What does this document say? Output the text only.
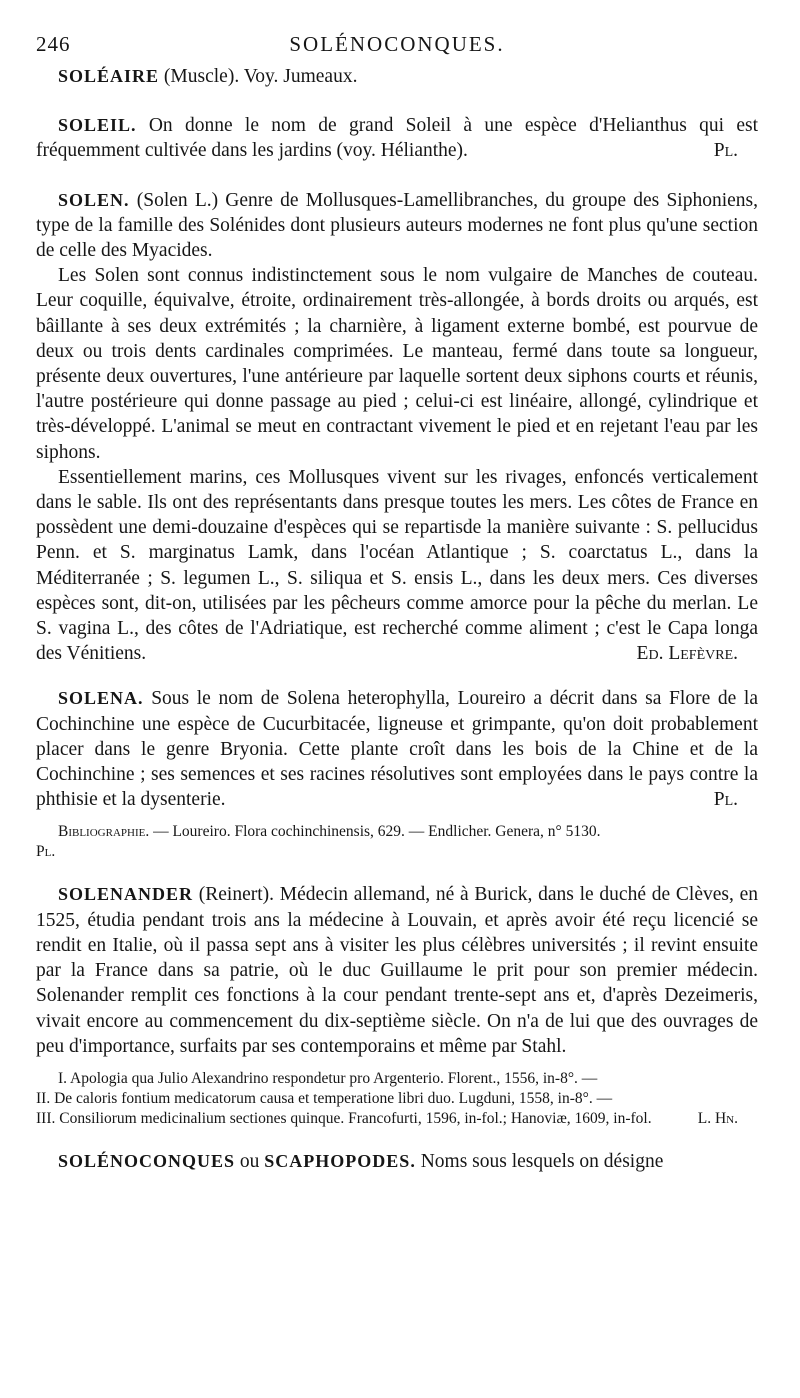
246	SOLÉNOCONQUES.

SOLÉAIRE (Muscle). Voy. Jumeaux.

SOLEIL. On donne le nom de grand Soleil à une espèce d'Helianthus qui est fréquemment cultivée dans les jardins (voy. Hélianthe).	Pl.

SOLEN. (Solen L.) Genre de Mollusques-Lamellibranches, du groupe des Siphoniens, type de la famille des Solénides dont plusieurs auteurs modernes ne font plus qu'une section de celle des Myacides.

Les Solen sont connus indistinctement sous le nom vulgaire de Manches de couteau. Leur coquille, équivalve, étroite, ordinairement très-allongée, à bords droits ou arqués, est bâillante à ses deux extrémités ; la charnière, à ligament externe bombé, est pourvue de deux ou trois dents cardinales comprimées. Le manteau, fermé dans toute sa longueur, présente deux ouvertures, l'une antérieure par laquelle sortent deux siphons courts et réunis, l'autre postérieure qui donne passage au pied ; celui-ci est linéaire, allongé, cylindrique et très-développé. L'animal se meut en contractant vivement le pied et en rejetant l'eau par les siphons.

Essentiellement marins, ces Mollusques vivent sur les rivages, enfoncés verticalement dans le sable. Ils ont des représentants dans presque toutes les mers. Les côtes de France en possèdent une demi-douzaine d'espèces qui se repartisde la manière suivante : S. pellucidus Penn. et S. marginatus Lamk, dans l'océan Atlantique ; S. coarctatus L., dans la Méditerranée ; S. legumen L., S. siliqua et S. ensis L., dans les deux mers. Ces diverses espèces sont, dit-on, utilisées par les pêcheurs comme amorce pour la pêche du merlan. Le S. vagina L., des côtes de l'Adriatique, est recherché comme aliment ; c'est le Capa longa des Vénitiens.	Ed. Lefèvre.

SOLENA. Sous le nom de Solena heterophylla, Loureiro a décrit dans sa Flore de la Cochinchine une espèce de Cucurbitacée, ligneuse et grimpante, qu'on doit probablement placer dans le genre Bryonia. Cette plante croît dans les bois de la Chine et de la Cochinchine ; ses semences et ses racines résolutives sont employées dans le pays contre la phthisie et la dysenterie.	Pl.

Bibliographie. — Loureiro. Flora cochinchinensis, 629. — Endlicher. Genera, n° 5130.

Pl.

SOLENANDER (Reinert). Médecin allemand, né à Burick, dans le duché de Clèves, en 1525, étudia pendant trois ans la médecine à Louvain, et après avoir été reçu licencié se rendit en Italie, où il passa sept ans à visiter les plus célèbres universités ; il revint ensuite par la France dans sa patrie, où le duc Guillaume le prit pour son premier médecin. Solenander remplit ces fonctions à la cour pendant trente-sept ans et, d'après Dezeimeris, vivait encore au commencement du dix-septième siècle. On n'a de lui que des ouvrages de peu d'importance, surfaits par ses contemporains et même par Stahl.

I. Apologia qua Julio Alexandrino respondetur pro Argenterio. Florent., 1556, in-8°. —

II. De caloris fontium medicatorum causa et temperatione libri duo. Lugduni, 1558, in-8°. —

III. Consiliorum medicinalium sectiones quinque. Francofurti, 1596, in-fol.; Hanoviæ, 1609, in-fol.	L. Hn.

SOLÉNOCONQUES ou SCAPHOPODES. Noms sous lesquels on désigne
